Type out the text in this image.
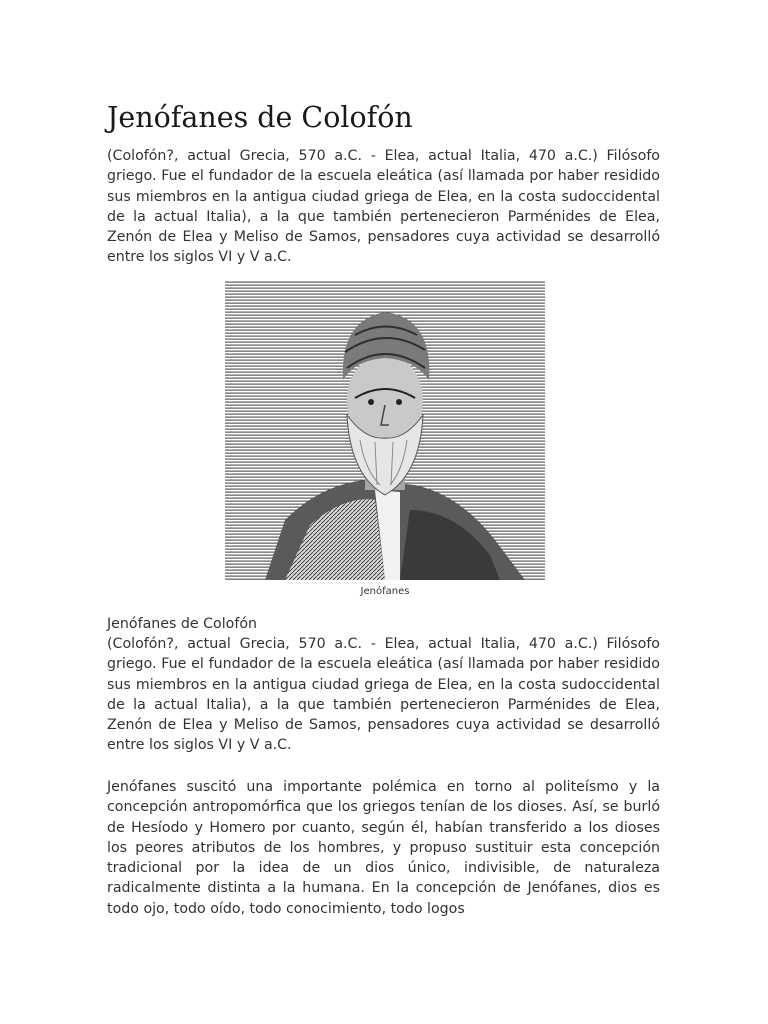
Jenófanes de Colofón

(Colofón?, actual Grecia, 570 a.C. - Elea, actual Italia, 470 a.C.) Filósofo griego. Fue el fundador de la escuela eleática (así llamada por haber residido sus miembros en la antigua ciudad griega de Elea, en la costa sudoccidental de la actual Italia), a la que también pertenecieron Parménides de Elea, Zenón de Elea y Meliso de Samos, pensadores cuya actividad se desarrolló entre los siglos VI y V a.C.

Jenófanes
Jenófanes de Colofón

(Colofón?, actual Grecia, 570 a.C. - Elea, actual Italia, 470 a.C.) Filósofo griego. Fue el fundador de la escuela eleática (así llamada por haber residido sus miembros en la antigua ciudad griega de Elea, en la costa sudoccidental de la actual Italia), a la que también pertenecieron Parménides de Elea, Zenón de Elea y Meliso de Samos, pensadores cuya actividad se desarrolló entre los siglos VI y V a.C.

Jenófanes suscitó una importante polémica en torno al politeísmo y la concepción antropomórfica que los griegos tenían de los dioses. Así, se burló de Hesíodo y Homero por cuanto, según él, habían transferido a los dioses los peores atributos de los hombres, y propuso sustituir esta concepción tradicional por la idea de un dios único, indivisible, de naturaleza radicalmente distinta a la humana. En la concepción de Jenófanes, dios es todo ojo, todo oído, todo conocimiento, todo logos
